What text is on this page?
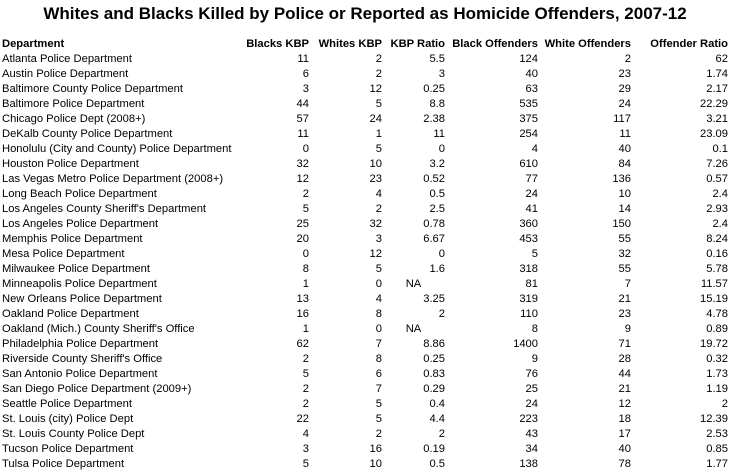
Whites and Blacks Killed by Police or Reported as Homicide Offenders, 2007-12
Department	Blacks KBP	Whites KBP	KBP Ratio	Black Offenders	White Offenders	Offender Ratio
Atlanta Police Department	11	2	5.5	124	2	62
Austin Police Department	6	2	3	40	23	1.74
Baltimore County Police Department	3	12	0.25	63	29	2.17
Baltimore Police Department	44	5	8.8	535	24	22.29
Chicago Police Dept (2008+)	57	24	2.38	375	117	3.21
DeKalb County Police Department	11	1	11	254	11	23.09
Honolulu (City and County) Police Department	0	5	0	4	40	0.1
Houston Police Department	32	10	3.2	610	84	7.26
Las Vegas Metro Police Department (2008+)	12	23	0.52	77	136	0.57
Long Beach Police Department	2	4	0.5	24	10	2.4
Los Angeles County Sheriff's Department	5	2	2.5	41	14	2.93
Los Angeles Police Department	25	32	0.78	360	150	2.4
Memphis Police Department	20	3	6.67	453	55	8.24
Mesa Police Department	0	12	0	5	32	0.16
Milwaukee Police Department	8	5	1.6	318	55	5.78
Minneapolis Police Department	1	0	NA	81	7	11.57
New Orleans Police Department	13	4	3.25	319	21	15.19
Oakland Police Department	16	8	2	110	23	4.78
Oakland (Mich.) County Sheriff's Office	1	0	NA	8	9	0.89
Philadelphia Police Department	62	7	8.86	1400	71	19.72
Riverside County Sheriff's Office	2	8	0.25	9	28	0.32
San Antonio Police Department	5	6	0.83	76	44	1.73
San Diego Police Department (2009+)	2	7	0.29	25	21	1.19
Seattle Police Department	2	5	0.4	24	12	2
St. Louis (city) Police Dept	22	5	4.4	223	18	12.39
St. Louis County Police Dept	4	2	2	43	17	2.53
Tucson Police Department	3	16	0.19	34	40	0.85
Tulsa Police Department	5	10	0.5	138	78	1.77
